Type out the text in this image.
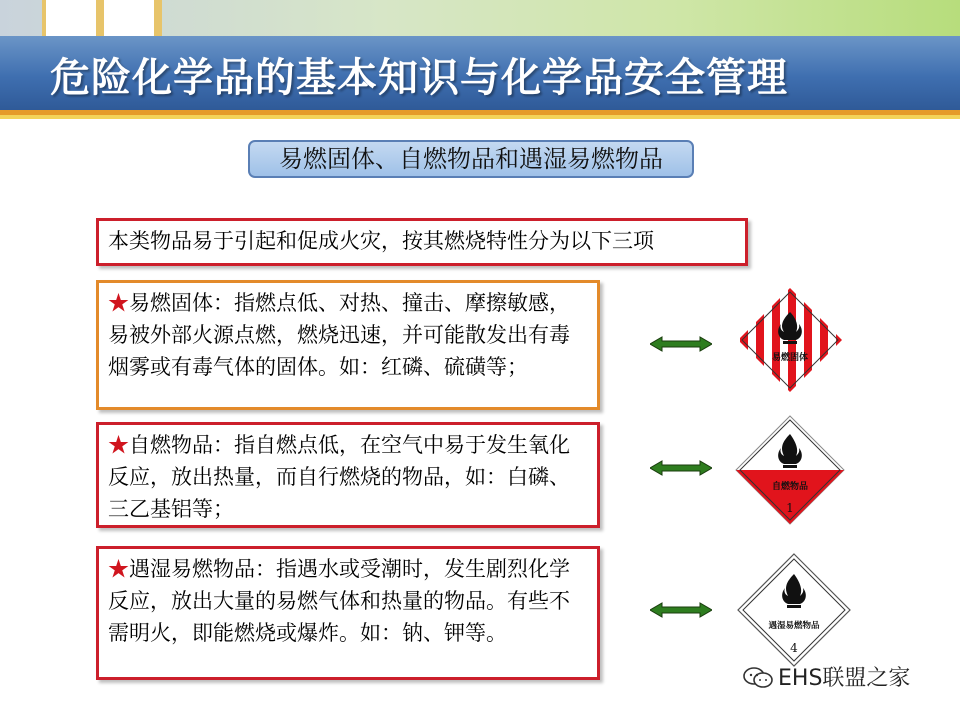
危险化学品的基本知识与化学品安全管理
易燃固体、自燃物品和遇湿易燃物品
本类物品易于引起和促成火灾，按其燃烧特性分为以下三项
★易燃固体：指燃点低、对热、撞击、摩擦敏感，易被外部火源点燃，燃烧迅速，并可能散发出有毒烟雾或有毒气体的固体。如：红磷、硫磺等；
★自燃物品：指自燃点低，在空气中易于发生氧化反应，放出热量，而自行燃烧的物品，如：白磷、三乙基铝等；
★遇湿易燃物品：指遇水或受潮时，发生剧烈化学反应，放出大量的易燃气体和热量的物品。有些不需明火，即能燃烧或爆炸。如：钠、钾等。
易燃固体
自燃物品
1
遇湿易燃物品
4
EHS联盟之家
